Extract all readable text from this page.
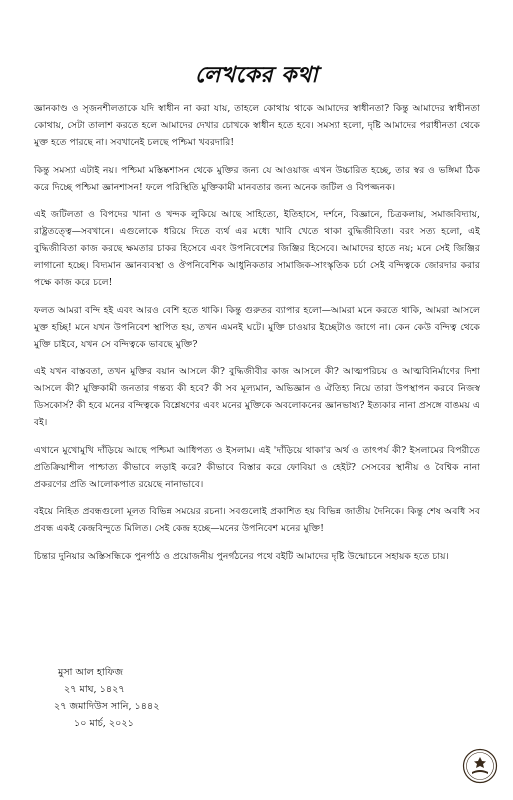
লেখকের কথা

জ্ঞানকাণ্ড ও সৃজনশীলতাকে যদি স্বাধীন না করা যায়, তাহলে কোথায় থাকে আমাদের স্বাধীনতা? কিন্তু আমাদের স্বাধীনতা কোথায়, সেটা তালাশ করতে হলে আমাদের দেখার চোখকে স্বাধীন হতে হবে। সমস্যা হলো, দৃষ্টি আমাদের পরাধীনতা থেকে মুক্ত হতে পারছে না। সবখানেই চলছে পশ্চিমা খবরদারি!

কিন্তু সমস্যা এটাই নয়। পশ্চিমা মস্তিষ্কশাসন থেকে মুক্তির জন্য যে আওয়াজ এখন উচ্চারিত হচ্ছে, তার স্বর ও ভঙ্গিমা ঠিক করে দিচ্ছে পশ্চিমা জ্ঞানশাসন! ফলে পরিস্থিতি মুক্তিকামী মানবতার জন্য অনেক জটিল ও বিপজ্জনক।

এই জটিলতা ও বিপদের খানা ও খন্দক লুকিয়ে আছে সাহিত্যে, ইতিহাসে, দর্শনে, বিজ্ঞানে, চিত্রকলায়, সমাজবিদ্যায়, রাষ্ট্রতত্ত্বে—সবখানে। এগুলোকে ধরিয়ে দিতে ব্যর্থ এর মধ্যে খাবি খেতে থাকা বুদ্ধিজীবিতা। বরং সত্য হলো, এই বুদ্ধিজীবিতা কাজ করছে ক্ষমতার চাকর হিসেবে এবং উপনিবেশের জিঞ্জির হিসেবে। আমাদের হাতে নয়; মনে সেই জিঞ্জির লাগানো হচ্ছে। বিদ্যমান জ্ঞানব্যবস্থা ও ঔপনিবেশিক আধুনিকতার সামাজিক-সাংস্কৃতিক চর্চা সেই বন্দিত্বকে জোরদার করার পক্ষে কাজ করে চলে!

ফলত আমরা বন্দি হই এবং আরও বেশি হতে থাকি। কিন্তু গুরুতর ব্যাপার হলো—আমরা মনে করতে থাকি, আমরা আসলে মুক্ত হচ্ছি! মনে যখন উপনিবেশ স্থাপিত হয়, তখন এমনই ঘটে। মুক্তি চাওয়ার ইচ্ছেটাও জাগে না। কেন কেউ বন্দিত্ব থেকে মুক্তি চাইবে, যখন সে বন্দিত্বকে ভাবছে মুক্তি?

এই যখন বাস্তবতা, তখন মুক্তির বয়ান আসলে কী? বুদ্ধিজীবীর কাজ আসলে কী? আত্মপরিচয় ও আত্মবিনির্মাণের দিশা আসলে কী? মুক্তিকামী জনতার গন্তব্য কী হবে? কী সব মূল্যমান, অভিজ্ঞান ও ঐতিহ্য নিয়ে তারা উপস্থাপন করবে নিজস্ব ডিসকোর্স? কী হবে মনের বন্দিত্বকে বিশ্লেষণের এবং মনের মুক্তিকে অবলোকনের জ্ঞানভাষ্য? ইত্যকার নানা প্রসঙ্গে বাঙময় এ বই।

এখানে মুখোমুখি দাঁড়িয়ে আছে পশ্চিমা আধিপত্য ও ইসলাম। এই 'দাঁড়িয়ে থাকা'র অর্থ ও তাৎপর্য কী? ইসলামের বিপরীতে প্রতিক্রিয়াশীল পাশ্চাত্য কীভাবে লড়াই করে? কীভাবে বিস্তার করে ফোবিয়া ও হেইট? সেসবের স্থানীয় ও বৈশ্বিক নানা প্রকরণের প্রতি আলোকপাত রয়েছে নানাভাবে।

বইয়ে নিহিত প্রবন্ধগুলো মূলত বিভিন্ন সময়ের রচনা। সবগুলোই প্রকাশিত হয় বিভিন্ন জাতীয় দৈনিকে। কিন্তু শেষ অবধি সব প্রবন্ধ একই কেন্দ্রবিন্দুতে মিলিত। সেই কেন্দ্র হচ্ছে—মনের উপনিবেশ মনের মুক্তি!

চিন্তার দুনিয়ার অস্তিসন্ধিকে পুনর্পাঠ ও প্রয়োজনীয় পুনর্গঠনের পথে বইটি আমাদের দৃষ্টি উন্মোচনে সহায়ক হতে চায়।

মুসা আল হাফিজ
২৭ মাঘ, ১৪২৭
২৭ জমাদিউস সানি, ১৪৪২
১০ মার্চ, ২০২১
